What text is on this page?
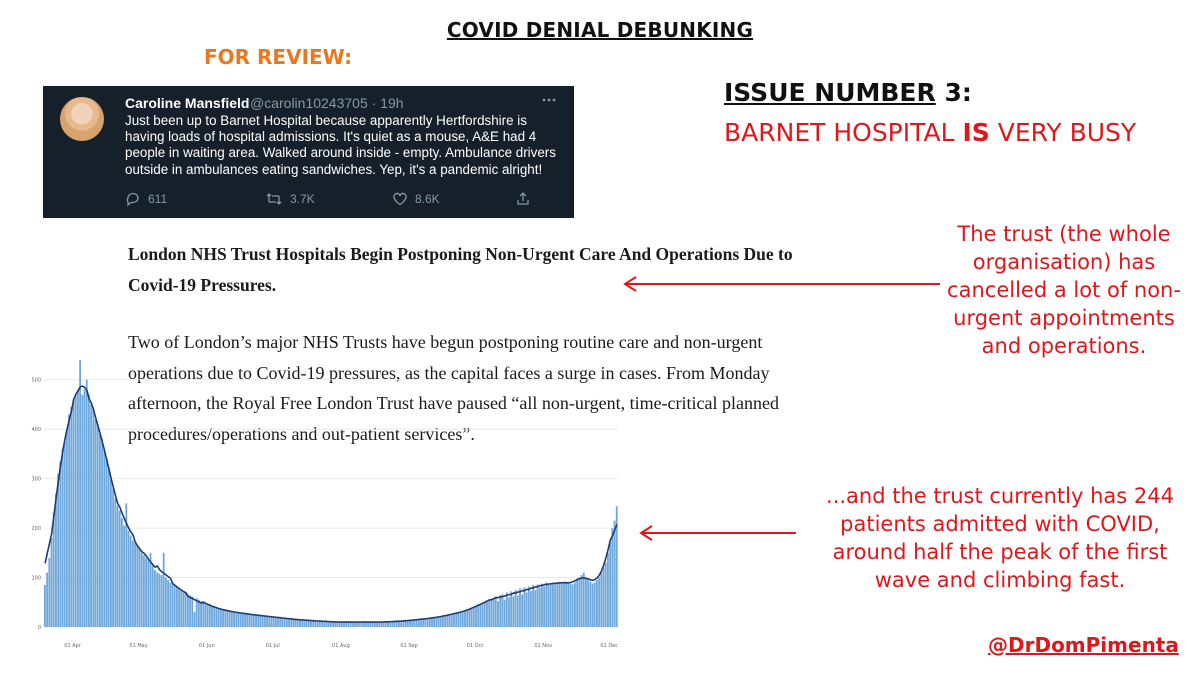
COVID DENIAL DEBUNKING
FOR REVIEW:
ISSUE NUMBER 3:
BARNET HOSPITAL IS VERY BUSY
Caroline Mansfield @carolin10243705 · 19h
Just been up to Barnet Hospital because apparently Hertfordshire is having loads of hospital admissions. It's quiet as a mouse, A&E had 4 people in waiting area. Walked around inside - empty. Ambulance drivers outside in ambulances eating sandwiches. Yep, it's a pandemic alright!
611	3.7K	8.6K
London NHS Trust Hospitals Begin Postponing Non-Urgent Care And Operations Due to Covid-19 Pressures.
Two of London’s major NHS Trusts have begun postponing routine care and non-urgent operations due to Covid-19 pressures, as the capital faces a surge in cases. From Monday afternoon, the Royal Free London Trust have paused “all non-urgent, time-critical planned procedures/operations and out-patient services”.
0
100
200
300
400
500
01 Apr	01 May	01 Jun	01 Jul	01 Aug	01 Sep	01 Oct	01 Nov	01 Dec
The trust (the whole organisation) has cancelled a lot of non-urgent appointments and operations.
...and the trust currently has 244 patients admitted with COVID, around half the peak of the first wave and climbing fast.
@DrDomPimenta
